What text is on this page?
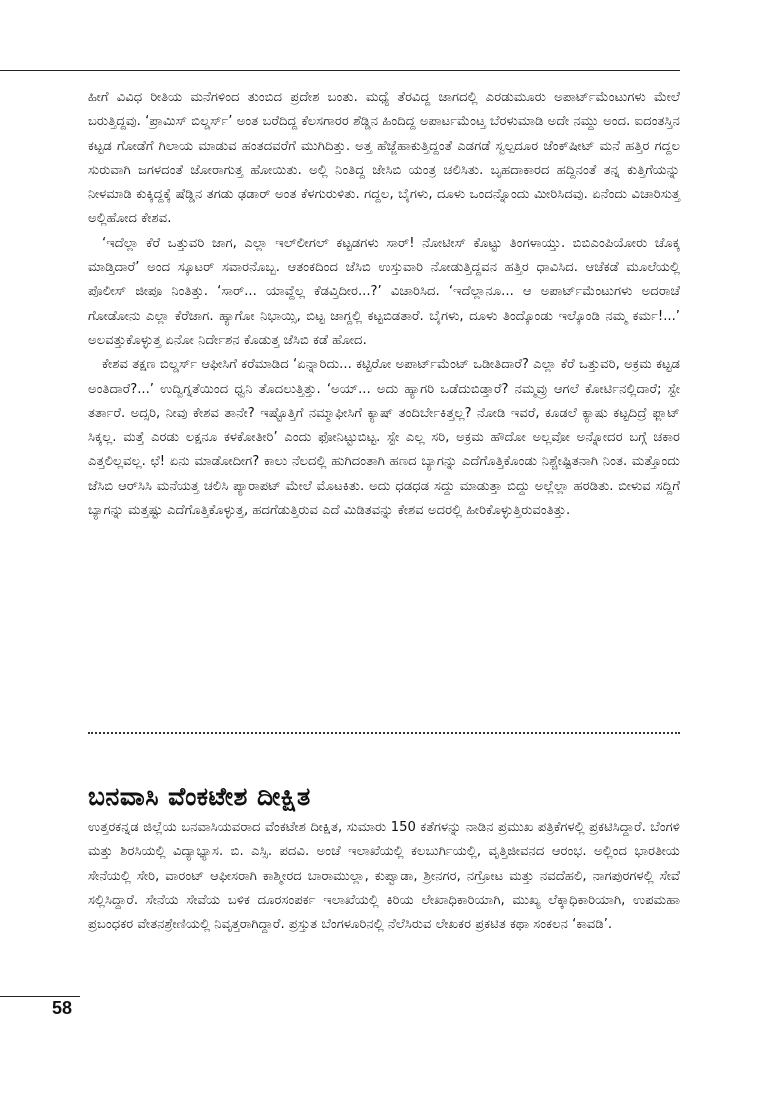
ಹೀಗೆ ವಿವಿಧ ರೀತಿಯ ಮನೆಗಳಿಂದ ತುಂಬಿದ ಪ್ರದೇಶ ಬಂತು. ಮಧ್ಯೆ ತೆರವಿದ್ದ ಜಾಗದಲ್ಲಿ ಎರಡುಮೂರು ಅಪಾರ್ಟ್‌ಮೆಂಟುಗಳು ಮೇಲೆ ಬರುತ್ತಿದ್ದವು. ‘ಪ್ರಾಮಿಸ್ ಬಿಲ್ಡರ್ಸ್’ ಅಂತ ಬರೆದಿದ್ದ ಕೆಲಸಗಾರರ ಶೆಡ್ಡಿನ ಹಿಂದಿದ್ದ ಅಪಾರ್ಟ‌ಮೆಂಟ್ತ ಬೆರಳುಮಾಡಿ ಅದೇ ನಮ್ದು ಅಂದ. ಐದಂತಸ್ತಿನ ಕಟ್ಟಡ ಗೋಡೆಗೆ ಗಿಲಾಯ ಮಾಡುವ ಹಂತದವರೆಗೆ ಮುಗಿದಿತ್ತು. ಅತ್ತ ಹೆಜ್ಜೆಹಾಕುತ್ತಿದ್ದಂತೆ ಎಡಗಡೆ ಸ್ವಲ್ಪದೂರ ಜೆಂಕ್‌ಷೀಟ್ ಮನೆ ಹತ್ತಿರ ಗದ್ದಲ ಸುರುವಾಗಿ ಜಗಳದಂತೆ ಜೋರಾಗುತ್ತ ಹೋಯಿತು. ಅಲ್ಲಿ ನಿಂತಿದ್ದ ಜೇಸಿಬಿ ಯಂತ್ರ ಚಲಿಸಿತು. ಬೃಹದಾಕಾರದ ಹದ್ದಿನಂತೆ ತನ್ನ ಕುತ್ತಿಗೆಯನ್ನು ನೀಳಮಾಡಿ ಕುಕ್ಕಿದ್ದಕ್ಕೆ ಷೆಡ್ಡಿನ ತಗಡು ಢಡಾರ್ ಅಂತ ಕೆಳಗುರುಳಿತು. ಗದ್ದಲ, ಬೈಗಳು, ದೂಳು ಒಂದನ್ನೊಂದು ಮೀರಿಸಿದವು. ಏನೆಂದು ವಿಚಾರಿಸುತ್ತ ಅಲ್ಲಿಹೋದ ಕೇಶವ.

‘ಇದೆಲ್ಲಾ ಕೆರೆ ಒತ್ತುವರಿ ಜಾಗ, ಎಲ್ಲಾ ಇಲ್‌ಲೀಗಲ್ ಕಟ್ಟಡಗಳು ಸಾರ್! ನೋಟೀಸ್ ಕೊಟ್ಟು ತಿಂಗಳಾಯ್ತು. ಬಿಬಿಎಂಪಿಯೋರು ಚೊಕ್ಕ ಮಾಡ್ತಿದಾರೆ’ ಅಂದ ಸ್ಕೂಟರ್ ಸವಾರನೊಬ್ಬ. ಆತಂಕದಿಂದ ಜೆಸಿಬಿ ಉಸ್ತುವಾರಿ ನೋಡುತ್ತಿದ್ದವನ ಹತ್ತಿರ ಧಾವಿಸಿದ. ಆಚೆಕಡೆ ಮೂಲೆಯಲ್ಲಿ ಪೊಲೀಸ್ ಜೀಪೂ ನಿಂತಿತ್ತು. ‘ಸಾರ್... ಯಾವ್ದೆಲ್ಲ ಕೆಡವ್ತಿದೀರ...?’ ವಿಚಾರಿಸಿದ. ‘ಇದೆಲ್ಲಾನೂ... ಆ ಅಪಾರ್ಟ್‌ಮೆಂಟುಗಳು ಅದರಾಚೆ ಗೋಡೋನು ಎಲ್ಲಾ ಕೆರೆಜಾಗ. ಹ್ಯಾಗೋ ನಿಭಾಯ್ಸಿ, ಬಿಟ್ಟ ಜಾಗ್ದಲ್ಲಿ ಕಟ್ಟಬಿಡತಾರೆ. ಬೈಗಳು, ದೂಳು ತಿಂದ್ಕೊಂಡು ಇಲ್ಕೊಂಡಿ ನಮ್ಮ ಕರ್ಮ!...’ ಅಲವತ್ತುಕೊಳ್ಳುತ್ತ ಏನೋ ನಿರ್ದೇಶನ ಕೊಡುತ್ತ ಜೆಸಿಬಿ ಕಡೆ ಹೋದ.

ಕೇಶವ ತಕ್ಷಣ ಬಿಲ್ಡರ್ಸ್ ಆಫೀಸಿಗೆ ಕರೆಮಾಡಿದ ‘ಏನ್ನಾರಿದು... ಕಟ್ಟಿರೋ ಅಪಾರ್ಟ್‌ಮೆಂಟ್ ಒಡೀತಿದಾರೆ? ಎಲ್ಲಾ ಕೆರೆ ಒತ್ತುವರಿ, ಅಕ್ರಮ ಕಟ್ಟಡ ಅಂತಿದಾರೆ?...’ ಉದ್ವಿಗ್ನತೆಯಿಂದ ಧ್ವನಿ ತೊದಲುತ್ತಿತ್ತು. ‘ಅಯ್... ಅದು ಹ್ಯಾಗರಿ ಒಡೆದುಬಿಡ್ತಾರೆ? ನಮ್ಮವ್ರು ಆಗಲೆ ಕೋರ್ಟಿನಲ್ಲಿದಾರೆ; ಸ್ಟೇ ತರ್ತಾರೆ. ಅದ್ಸರಿ, ನೀವು ಕೇಶವ ತಾನೇ? ಇಷ್ಟೊತ್ತಿಗೆ ನಮ್ಮಾಫೀಸಿಗೆ ಕ್ಯಾಷ್ ತಂದಿರ್ಬೇಕಿತ್ತಲ್ಲ? ನೋಡಿ ಇವರೆ, ಕೂಡಲೆ ಕ್ಯಾಷು ಕಟ್ಟದಿದ್ರೆ ಫ್ಲಾಟ್ ಸಿಕ್ಕಲ್ಲ. ಮತ್ತೆ ಎರಡು ಲಕ್ಷನೂ ಕಳಕೋತೀರಿ’ ಎಂದು ಫೋನಿಟ್ಟುಬಿಟ್ಟ. ಸ್ಟೇ ಎಲ್ಲ ಸರಿ, ಅಕ್ರಮ ಹೌದೋ ಅಲ್ಲವೋ ಅನ್ನೋದರ ಬಗ್ಗೆ ಚಕಾರ ಎತ್ತಲಿಲ್ಲವಲ್ಲ. ಛೆ! ಏನು ಮಾಡೋದೀಗ? ಕಾಲು ನೆಲದಲ್ಲಿ ಹುಗಿದಂತಾಗಿ ಹಣದ ಬ್ಯಾಗನ್ನು ಎದೆಗೊತ್ತಿಕೊಂಡು ನಿಶ್ಚೇಷ್ಟಿತನಾಗಿ ನಿಂತ. ಮತ್ತೊಂದು ಜೆಸಿಬಿ ಆರ್‌ಸಿಸಿ ಮನೆಯತ್ತ ಚಲಿಸಿ ಪ್ಯಾರಾಪಟ್ ಮೇಲೆ ಮೊಟಕಿತು. ಅದು ಧಡಧಡ ಸದ್ದು ಮಾಡುತ್ತಾ ಬಿದ್ದು ಅಲ್ಲೆಲ್ಲಾ ಹರಡಿತು. ಬೀಳುವ ಸದ್ದಿಗೆ ಬ್ಯಾಗನ್ನು ಮತ್ತಷ್ಟು ಎದೆಗೊತ್ತಿಕೊಳ್ಳುತ್ತ, ಹದಗೆಡುತ್ತಿರುವ ಎದೆ ಮಿಡಿತವನ್ನು ಕೇಶವ ಅದರಲ್ಲಿ ಹೀರಿಕೊಳ್ಳುತ್ತಿರುವಂತಿತ್ತು.

ಬನವಾಸಿ ವೆಂಕಟೇಶ ದೀಕ್ಷಿತ

ಉತ್ತರಕನ್ನಡ ಜಿಲ್ಲೆಯ ಬನವಾಸಿಯವರಾದ ವೆಂಕಟೇಶ ದೀಕ್ಷಿತ, ಸುಮಾರು 150 ಕತೆಗಳನ್ನು ನಾಡಿನ ಪ್ರಮುಖ ಪತ್ರಿಕೆಗಳಲ್ಲಿ ಪ್ರಕಟಿಸಿದ್ದಾರೆ. ಬೆಂಗಳಿ ಮತ್ತು ಶಿರಸಿಯಲ್ಲಿ ವಿದ್ಯಾಭ್ಯಾಸ. ಬಿ. ಎಸ್ಸಿ. ಪದವಿ. ಅಂಚೆ ಇಲಾಖೆಯಲ್ಲಿ ಕಲಬುರ್ಗಿಯಲ್ಲಿ, ವೃತ್ತಿಜೀವನದ ಆರಂಭ. ಅಲ್ಲಿಂದ ಭಾರತೀಯ ಸೇನೆಯಲ್ಲಿ ಸೇರಿ, ವಾರಂಟ್ ಆಫೀಸರಾಗಿ ಕಾಶ್ಮೀರದ ಬಾರಾಮುಲ್ಲಾ, ಕುಪ್ವಾಡಾ, ಶ್ರೀನಗರ, ನಗ್ರೋಟ ಮತ್ತು ನವದೆಹಲಿ, ನಾಗಪುರಗಳಲ್ಲಿ ಸೇವೆ ಸಲ್ಲಿಸಿದ್ದಾರೆ. ಸೇನೆಯ ಸೇವೆಯ ಬಳಿಕ ದೂರಸಂಪರ್ಕ ಇಲಾಖೆಯಲ್ಲಿ ಕಿರಿಯ ಲೇಖಾಧಿಕಾರಿಯಾಗಿ, ಮುಖ್ಯ ಲೆಕ್ಕಾಧಿಕಾರಿಯಾಗಿ, ಉಪಮಹಾ ಪ್ರಬಂಧಕರ ವೇತನಶ್ರೇಣಿಯಲ್ಲಿ ನಿವೃತ್ತರಾಗಿದ್ದಾರೆ. ಪ್ರಸ್ತುತ ಬೆಂಗಳೂರಿನಲ್ಲಿ ನೆಲೆಸಿರುವ ಲೇಖಕರ ಪ್ರಕಟಿತ ಕಥಾ ಸಂಕಲನ ‘ಕಾವಡಿ’.

58
